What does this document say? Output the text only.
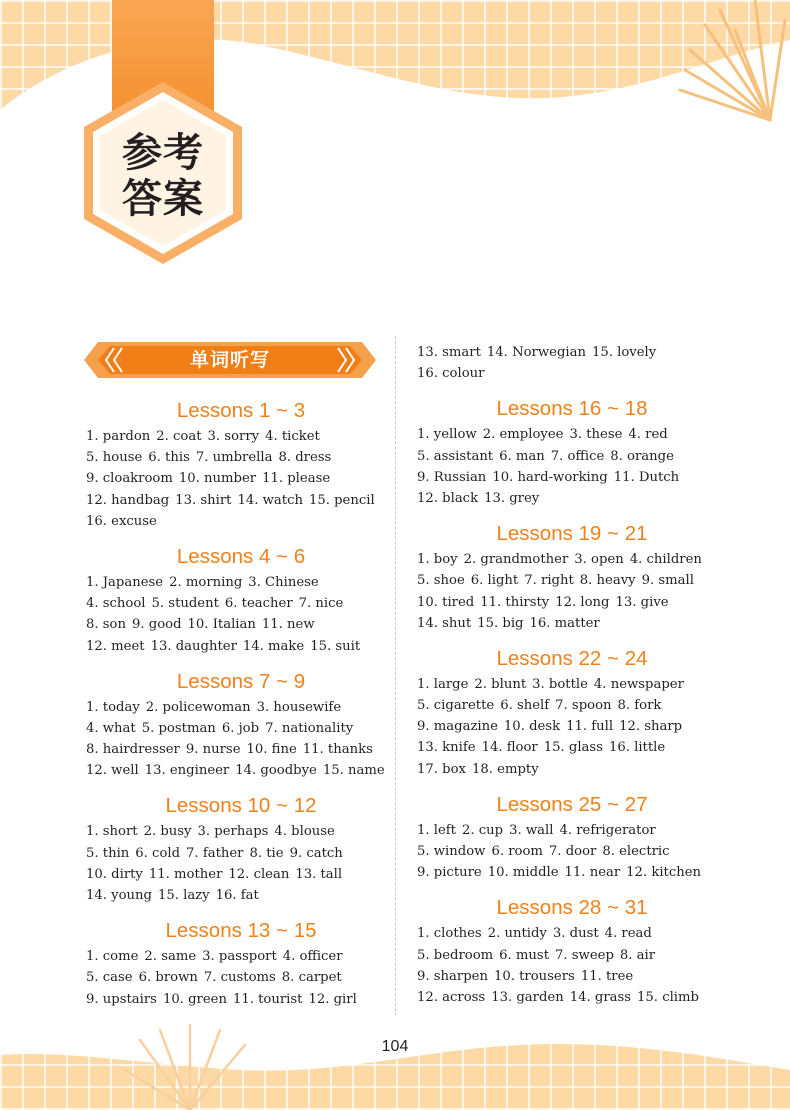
参考
答案
单词听写
Lessons 1 ~ 3

1. pardon 2. coat 3. sorry 4. ticket

5. house 6. this 7. umbrella 8. dress

9. cloakroom 10. number 11. please

12. handbag 13. shirt 14. watch 15. pencil

16. excuse

Lessons 4 ~ 6

1. Japanese 2. morning 3. Chinese

4. school 5. student 6. teacher 7. nice

8. son 9. good 10. Italian 11. new

12. meet 13. daughter 14. make 15. suit

Lessons 7 ~ 9

1. today 2. policewoman 3. housewife

4. what 5. postman 6. job 7. nationality

8. hairdresser 9. nurse 10. fine 11. thanks

12. well 13. engineer 14. goodbye 15. name

Lessons 10 ~ 12

1. short 2. busy 3. perhaps 4. blouse

5. thin 6. cold 7. father 8. tie 9. catch

10. dirty 11. mother 12. clean 13. tall

14. young 15. lazy 16. fat

Lessons 13 ~ 15

1. come 2. same 3. passport 4. officer

5. case 6. brown 7. customs 8. carpet

9. upstairs 10. green 11. tourist 12. girl

13. smart 14. Norwegian 15. lovely

16. colour

Lessons 16 ~ 18

1. yellow 2. employee 3. these 4. red

5. assistant 6. man 7. office 8. orange

9. Russian 10. hard-working 11. Dutch

12. black 13. grey

Lessons 19 ~ 21

1. boy 2. grandmother 3. open 4. children

5. shoe 6. light 7. right 8. heavy 9. small

10. tired 11. thirsty 12. long 13. give

14. shut 15. big 16. matter

Lessons 22 ~ 24

1. large 2. blunt 3. bottle 4. newspaper

5. cigarette 6. shelf 7. spoon 8. fork

9. magazine 10. desk 11. full 12. sharp

13. knife 14. floor 15. glass 16. little

17. box 18. empty

Lessons 25 ~ 27

1. left 2. cup 3. wall 4. refrigerator

5. window 6. room 7. door 8. electric

9. picture 10. middle 11. near 12. kitchen

Lessons 28 ~ 31

1. clothes 2. untidy 3. dust 4. read

5. bedroom 6. must 7. sweep 8. air

9. sharpen 10. trousers 11. tree

12. across 13. garden 14. grass 15. climb

104
